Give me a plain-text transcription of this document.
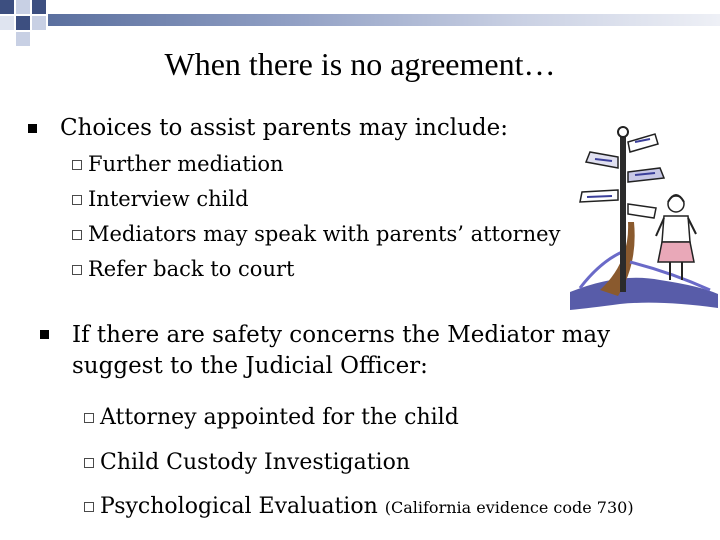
When there is no agreement…
Choices to assist parents may include:
Further mediation
Interview child
Mediators may speak with parents’ attorney
Refer back to court
If there are safety concerns the Mediator may
suggest to the Judicial Officer:
Attorney appointed for the child
Child Custody Investigation
Psychological Evaluation (California evidence code 730)
